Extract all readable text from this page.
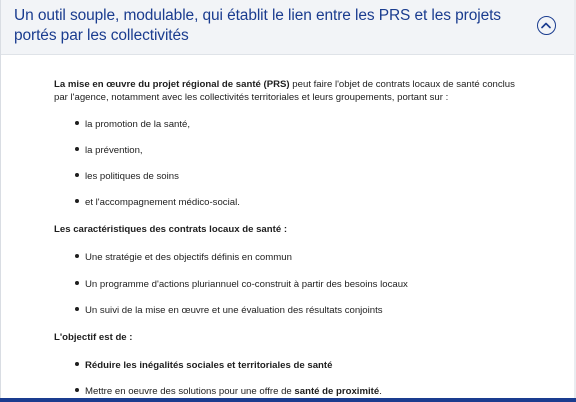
Un outil souple, modulable, qui établit le lien entre les PRS et les projets portés par les collectivités
La mise en œuvre du projet régional de santé (PRS) peut faire l'objet de contrats locaux de santé conclus par l'agence, notamment avec les collectivités territoriales et leurs groupements, portant sur :
la promotion de la santé,
la prévention,
les politiques de soins
et l'accompagnement médico-social.
Les caractéristiques des contrats locaux de santé :
Une stratégie et des objectifs définis en commun
Un programme d'actions pluriannuel co-construit à partir des besoins locaux
Un suivi de la mise en œuvre et une évaluation des résultats conjoints
L'objectif est de :
Réduire les inégalités sociales et territoriales de santé
Mettre en oeuvre des solutions pour une offre de santé de proximité.
